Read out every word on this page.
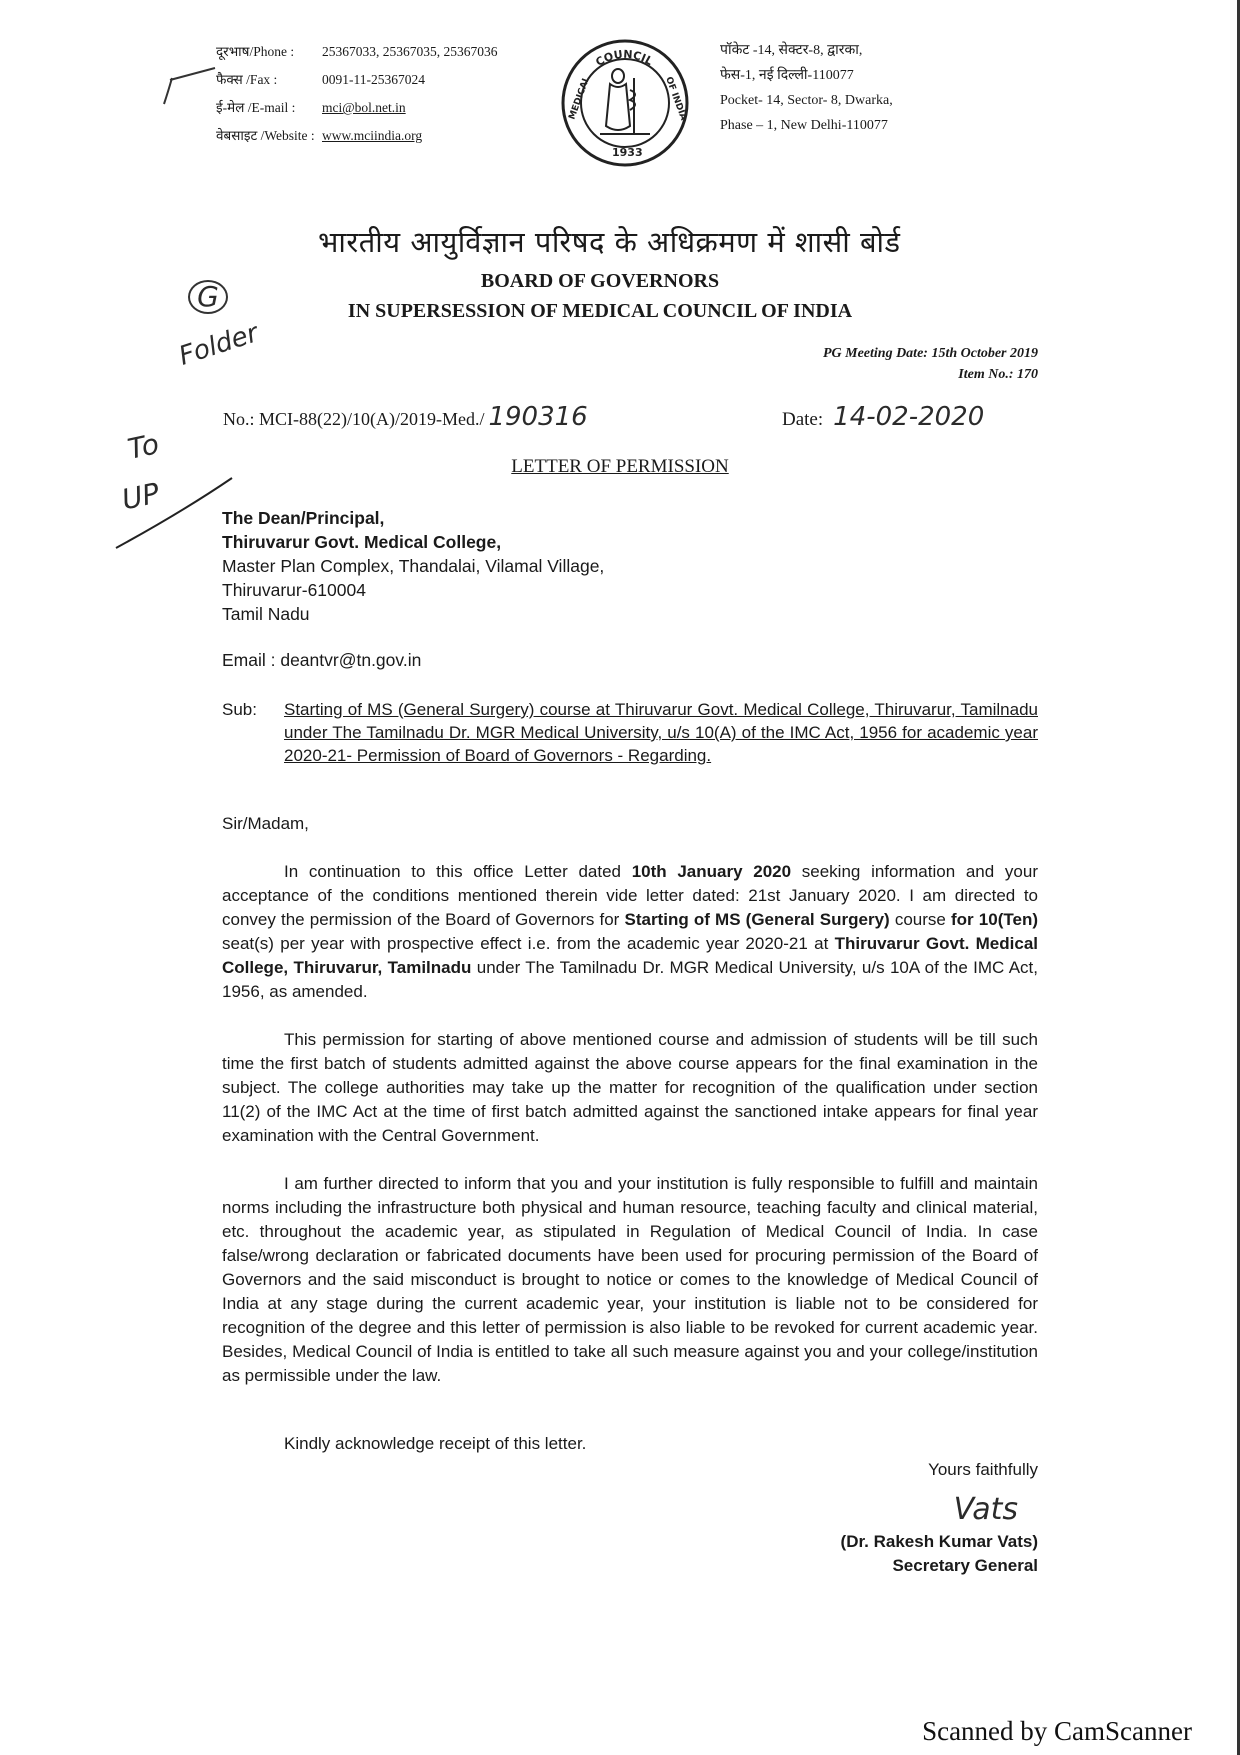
दूरभाष/Phone : 25367033, 25367035, 25367036
फैक्स /Fax :	0091-11-25367024
ई-मेल /E-mail : mci@bol.net.in
वेबसाइट /Website : www.mciindia.org
COUNCIL
MEDICAL	OF INDIA
1933
पॉकेट -14, सेक्टर-8, द्वारका,
फेस-1, नई दिल्ली-110077
Pocket- 14, Sector- 8, Dwarka,
Phase – 1, New Delhi-110077
भारतीय आयुर्विज्ञान परिषद के अधिक्रमण में शासी बोर्ड
BOARD OF GOVERNORS
IN SUPERSESSION OF MEDICAL COUNCIL OF INDIA
G
Folder	PG Meeting Date: 15th October 2019
Item No.: 170
No.: MCI-88(22)/10(A)/2019-Med./ 190316	Date: 14-02-2020
To
UP
LETTER OF PERMISSION
The Dean/Principal,
Thiruvarur Govt. Medical College,
Master Plan Complex, Thandalai, Vilamal Village,
Thiruvarur-610004
Tamil Nadu
Email : deantvr@tn.gov.in
Sub:	Starting of MS (General Surgery) course at Thiruvarur Govt. Medical College, Thiruvarur, Tamilnadu under The Tamilnadu Dr. MGR Medical University, u/s 10(A) of the IMC Act, 1956 for academic year 2020-21- Permission of Board of Governors - Regarding.
Sir/Madam,
In continuation to this office Letter dated 10th January 2020 seeking information and your acceptance of the conditions mentioned therein vide letter dated: 21st January 2020. I am directed to convey the permission of the Board of Governors for Starting of MS (General Surgery) course for 10(Ten) seat(s) per year with prospective effect i.e. from the academic year 2020-21 at Thiruvarur Govt. Medical College, Thiruvarur, Tamilnadu under The Tamilnadu Dr. MGR Medical University, u/s 10A of the IMC Act, 1956, as amended.
This permission for starting of above mentioned course and admission of students will be till such time the first batch of students admitted against the above course appears for the final examination in the subject. The college authorities may take up the matter for recognition of the qualification under section 11(2) of the IMC Act at the time of first batch admitted against the sanctioned intake appears for final year examination with the Central Government.
I am further directed to inform that you and your institution is fully responsible to fulfill and maintain norms including the infrastructure both physical and human resource, teaching faculty and clinical material, etc. throughout the academic year, as stipulated in Regulation of Medical Council of India. In case false/wrong declaration or fabricated documents have been used for procuring permission of the Board of Governors and the said misconduct is brought to notice or comes to the knowledge of Medical Council of India at any stage during the current academic year, your institution is liable not to be considered for recognition of the degree and this letter of permission is also liable to be revoked for current academic year. Besides, Medical Council of India is entitled to take all such measure against you and your college/institution as permissible under the law.
Kindly acknowledge receipt of this letter.
Yours faithfully
Vats
(Dr. Rakesh Kumar Vats)
Secretary General
Scanned by CamScanner
